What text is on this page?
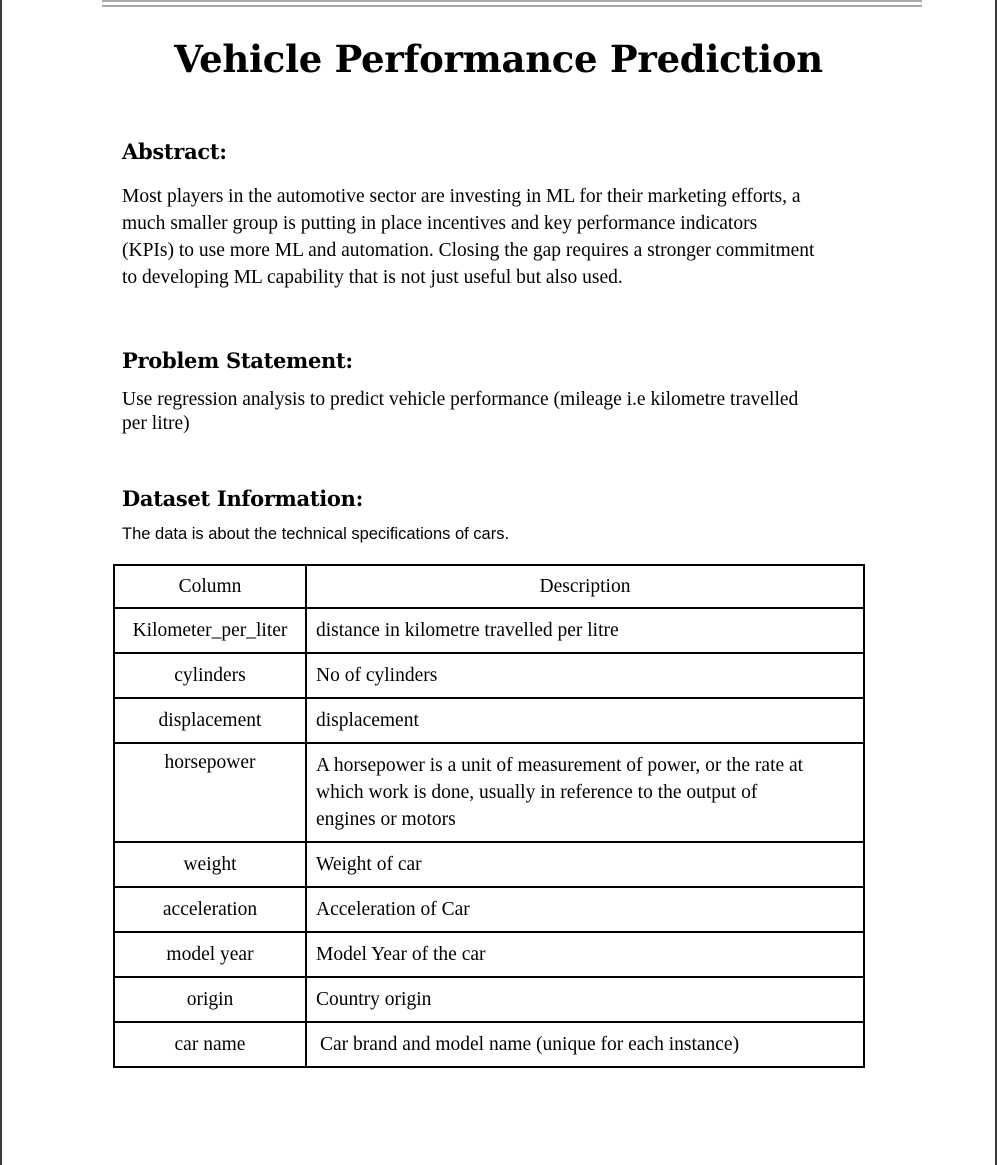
Vehicle Performance Prediction
Abstract:
Most players in the automotive sector are investing in ML for their marketing efforts, a
much smaller group is putting in place incentives and key performance indicators
(KPIs) to use more ML and automation. Closing the gap requires a stronger commitment
to developing ML capability that is not just useful but also used.
Problem Statement:
Use regression analysis to predict vehicle performance (mileage i.e kilometre travelled
per litre)
Dataset Information:
The data is about the technical specifications of cars.
Column	Description
Kilometer_per_liter	distance in kilometre travelled per litre
cylinders	No of cylinders
displacement	displacement
horsepower	A horsepower is a unit of measurement of power, or the rate at
which work is done, usually in reference to the output of
engines or motors

weight	Weight of car
acceleration	Acceleration of Car
model year	Model Year of the car
origin	Country origin
car name	Car brand and model name (unique for each instance)
